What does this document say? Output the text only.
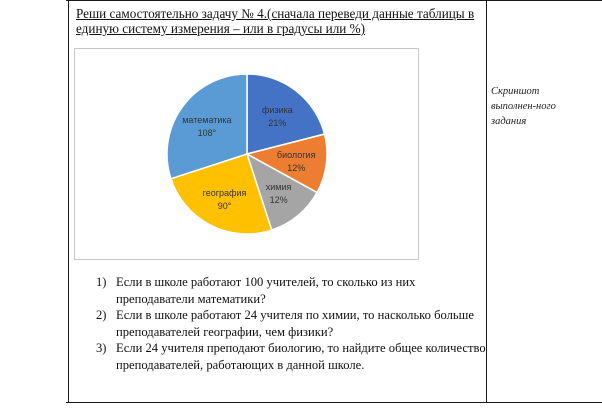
Реши самостоятельно задачу № 4.(сначала переведи данные таблицы в единую систему измерения – или в градусы или %)
физика 21%
биология 12%
химия 12%
география 90°
математика 108°
Скриншот выполнен-ного задания
1) Если в школе работают 100 учителей, то сколько из них преподаватели математики?
2) Если в школе работают 24 учителя по химии, то насколько больше преподавателей географии, чем физики?
3) Если 24 учителя преподают биологию, то найдите общее количество преподавателей, работающих в данной школе.
